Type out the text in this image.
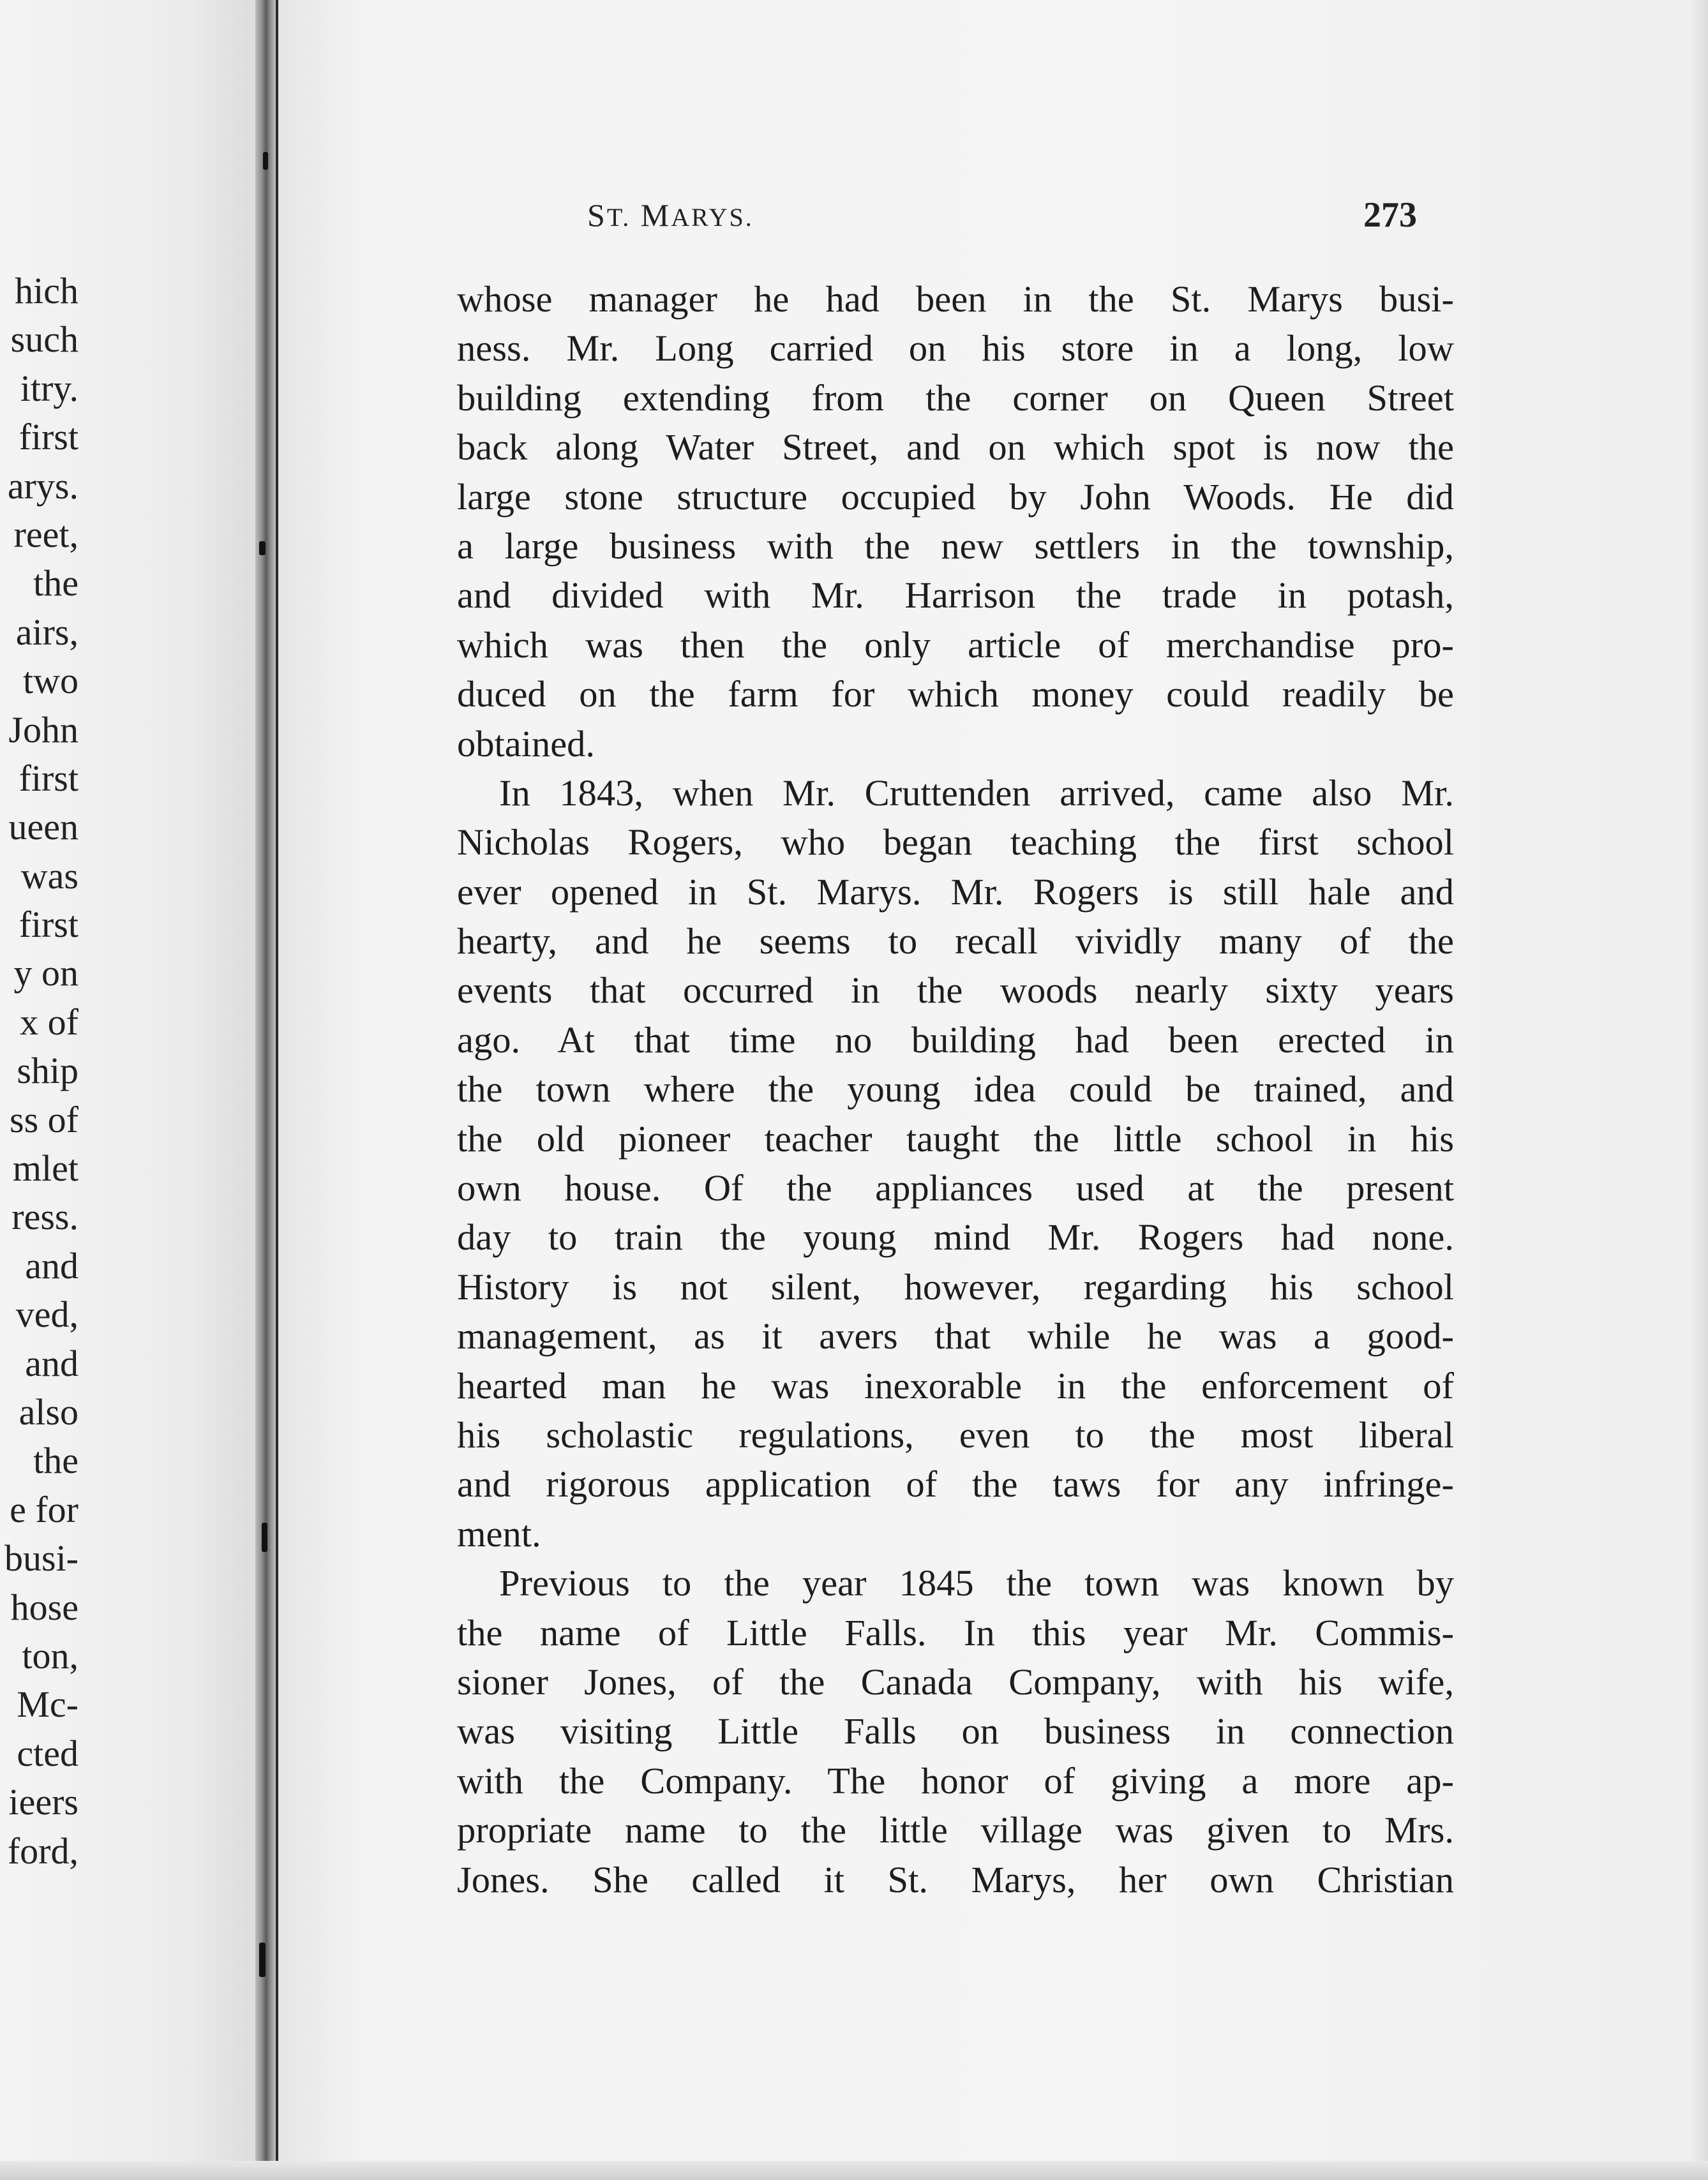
hich
such
itry.
first
arys.
reet,
the
airs,
two
John
first
ueen
was
first
y on
x of
ship
ss of
mlet
ress.
and
ved,
and
also
the
e for
busi-
hose
ton,
Mc-
cted
ieers
ford,
ST. MARYS.	273
whose manager he had been in the St. Marys busi-
ness. Mr. Long carried on his store in a long, low
building extending from the corner on Queen Street
back along Water Street, and on which spot is now the
large stone structure occupied by John Woods. He did
a large business with the new settlers in the township,
and divided with Mr. Harrison the trade in potash,
which was then the only article of merchandise pro-
duced on the farm for which money could readily be
obtained.
In 1843, when Mr. Cruttenden arrived, came also Mr.
Nicholas Rogers, who began teaching the first school
ever opened in St. Marys. Mr. Rogers is still hale and
hearty, and he seems to recall vividly many of the
events that occurred in the woods nearly sixty years
ago. At that time no building had been erected in
the town where the young idea could be trained, and
the old pioneer teacher taught the little school in his
own house. Of the appliances used at the present
day to train the young mind Mr. Rogers had none.
History is not silent, however, regarding his school
management, as it avers that while he was a good-
hearted man he was inexorable in the enforcement of
his scholastic regulations, even to the most liberal
and rigorous application of the taws for any infringe-
ment.
Previous to the year 1845 the town was known by
the name of Little Falls. In this year Mr. Commis-
sioner Jones, of the Canada Company, with his wife,
was visiting Little Falls on business in connection
with the Company. The honor of giving a more ap-
propriate name to the little village was given to Mrs.
Jones. She called it St. Marys, her own Christian
